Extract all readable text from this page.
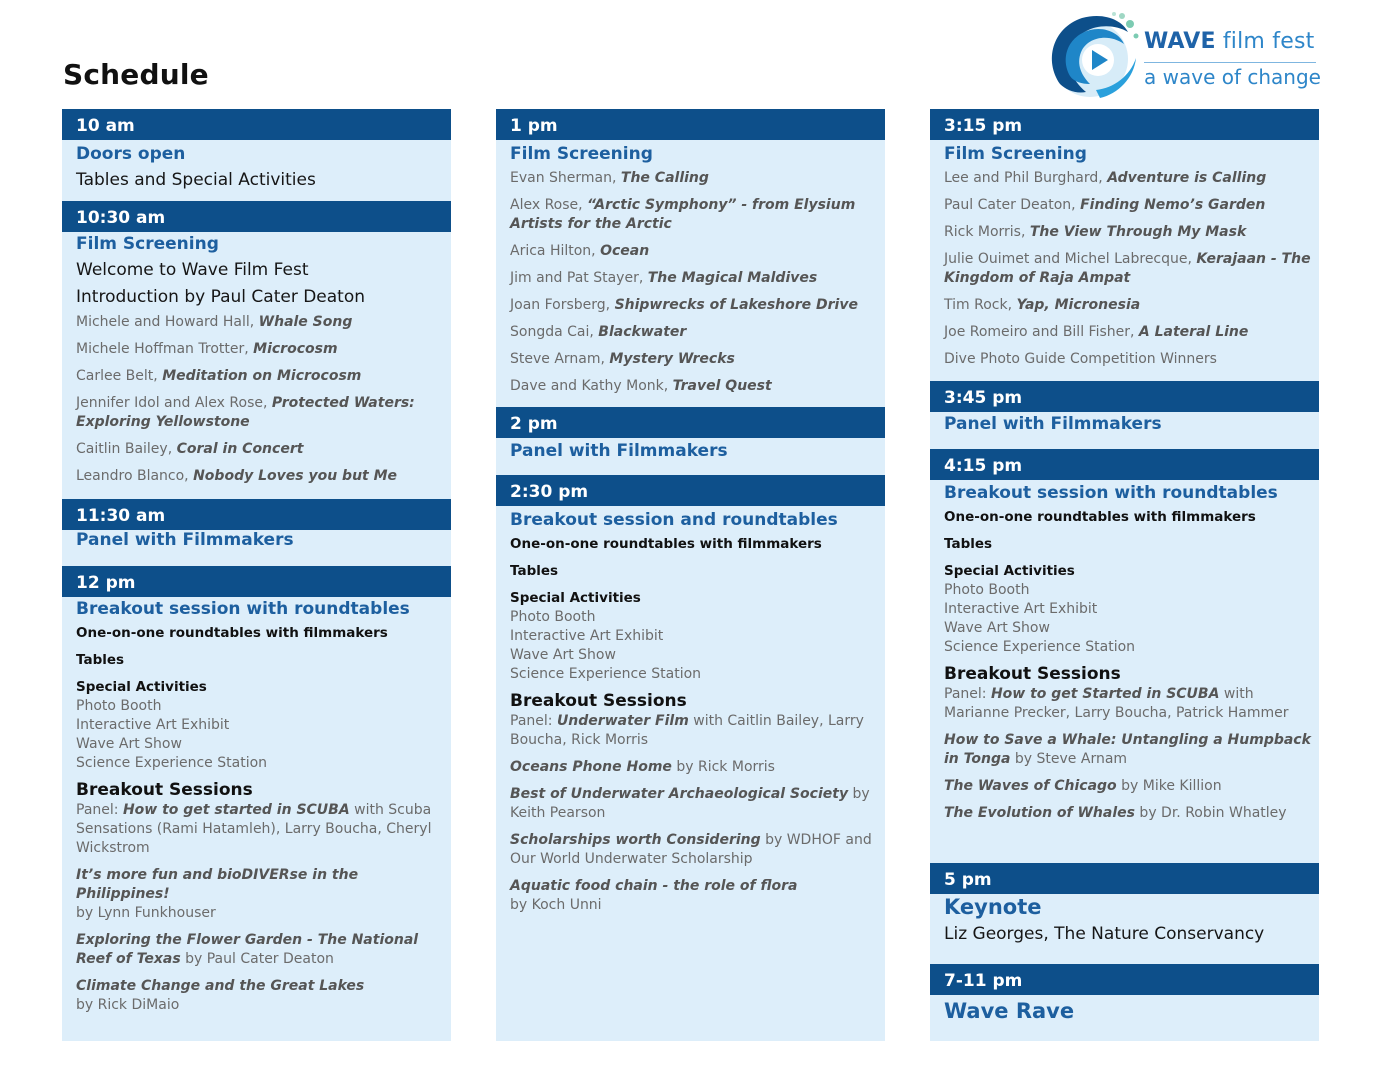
Schedule
WAVE film fest
a wave of change
10 am
Doors open
Tables and Special Activities
10:30 am
Film Screening
Welcome to Wave Film Fest
Introduction by Paul Cater Deaton
Michele and Howard Hall, Whale Song
Michele Hoffman Trotter, Microcosm
Carlee Belt, Meditation on Microcosm
Jennifer Idol and Alex Rose, Protected Waters: Exploring Yellowstone
Caitlin Bailey, Coral in Concert
Leandro Blanco, Nobody Loves you but Me
11:30 am
Panel with Filmmakers
12 pm
Breakout session with roundtables
One-on-one roundtables with filmmakers
Tables
Special Activities
Photo Booth
Interactive Art Exhibit
Wave Art Show
Science Experience Station
Breakout Sessions
Panel: How to get started in SCUBA with Scuba Sensations (Rami Hatamleh), Larry Boucha, Cheryl Wickstrom
It’s more fun and bioDIVERse in the Philippines!
by Lynn Funkhouser
Exploring the Flower Garden - The National Reef of Texas by Paul Cater Deaton
Climate Change and the Great Lakes
by Rick DiMaio
1 pm
Film Screening
Evan Sherman, The Calling
Alex Rose, “Arctic Symphony” - from Elysium Artists for the Arctic
Arica Hilton, Ocean
Jim and Pat Stayer, The Magical Maldives
Joan Forsberg, Shipwrecks of Lakeshore Drive
Songda Cai, Blackwater
Steve Arnam, Mystery Wrecks
Dave and Kathy Monk, Travel Quest
2 pm
Panel with Filmmakers
2:30 pm
Breakout session and roundtables
One-on-one roundtables with filmmakers
Tables
Special Activities
Photo Booth
Interactive Art Exhibit
Wave Art Show
Science Experience Station
Breakout Sessions
Panel: Underwater Film with Caitlin Bailey, Larry Boucha, Rick Morris
Oceans Phone Home by Rick Morris
Best of Underwater Archaeological Society by Keith Pearson
Scholarships worth Considering by WDHOF and Our World Underwater Scholarship
Aquatic food chain - the role of flora
by Koch Unni
3:15 pm
Film Screening
Lee and Phil Burghard, Adventure is Calling
Paul Cater Deaton, Finding Nemo’s Garden
Rick Morris, The View Through My Mask
Julie Ouimet and Michel Labrecque, Kerajaan - The Kingdom of Raja Ampat
Tim Rock, Yap, Micronesia
Joe Romeiro and Bill Fisher, A Lateral Line
Dive Photo Guide Competition Winners
3:45 pm
Panel with Filmmakers
4:15 pm
Breakout session with roundtables
One-on-one roundtables with filmmakers
Tables
Special Activities
Photo Booth
Interactive Art Exhibit
Wave Art Show
Science Experience Station
Breakout Sessions
Panel: How to get Started in SCUBA with Marianne Precker, Larry Boucha, Patrick Hammer
How to Save a Whale: Untangling a Humpback in Tonga by Steve Arnam
The Waves of Chicago by Mike Killion
The Evolution of Whales by Dr. Robin Whatley
5 pm
Keynote
Liz Georges, The Nature Conservancy
7-11 pm
Wave Rave
